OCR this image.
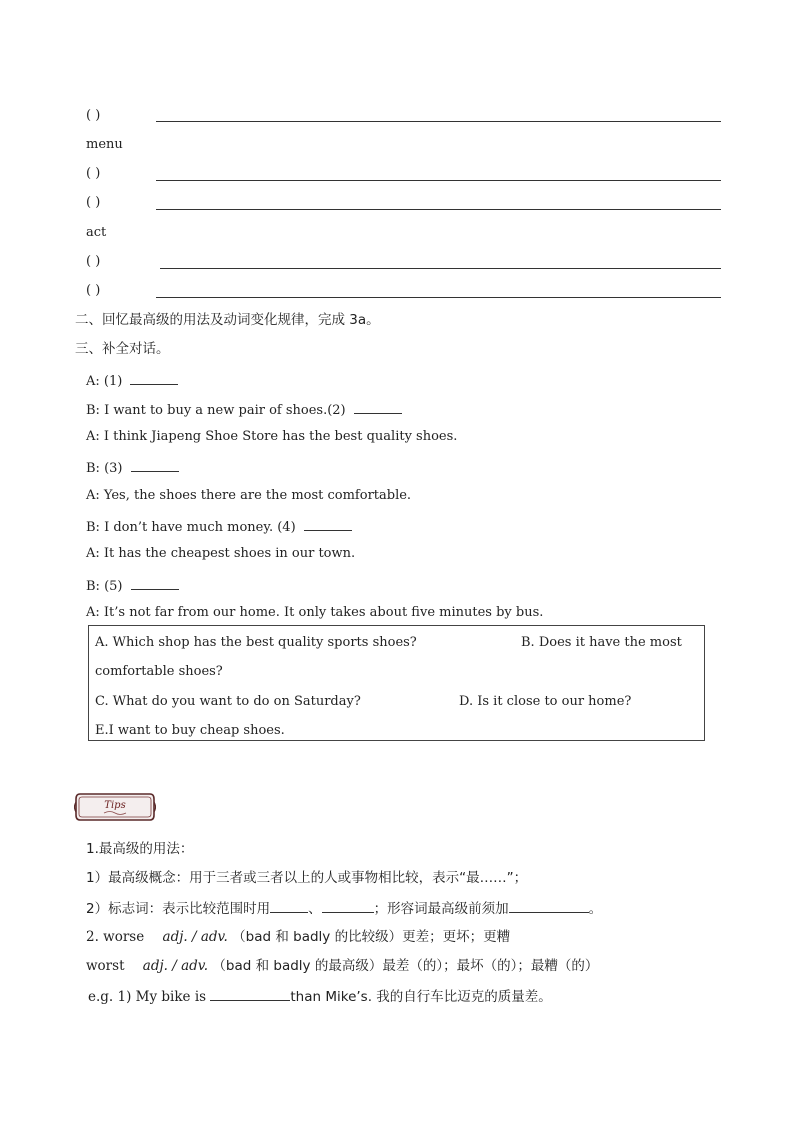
( )
menu
( )
( )
act
( )
( )
二、回忆最高级的用法及动词变化规律，完成 3a。
三、补全对话。
A: (1)
B: I want to buy a new pair of shoes.(2)
A: I think Jiapeng Shoe Store has the best quality shoes.
B: (3)
A: Yes, the shoes there are the most comfortable.
B: I don’t have much money. (4)
A: It has the cheapest shoes in our town.
B: (5)
A: It’s not far from our home. It only takes about five minutes by bus.
A. Which shop has the best quality sports shoes?	B. Does it have the most
comfortable shoes?
C. What do you want to do on Saturday?	D. Is it close to our home?
E.I want to buy cheap shoes.
Tips
1.最高级的用法：
1）最高级概念：用于三者或三者以上的人或事物相比较，表示“最……”；
2）标志词：表示比较范围时用	、	；形容词最高级前须加	。
2. worse adj. / adv. （bad 和 badly 的比较级）更差；更坏；更糟
worst adj. / adv. （bad 和 badly 的最高级）最差（的）；最坏（的）；最糟（的）
e.g. 1) My bike is	than Mike’s. 我的自行车比迈克的质量差。
